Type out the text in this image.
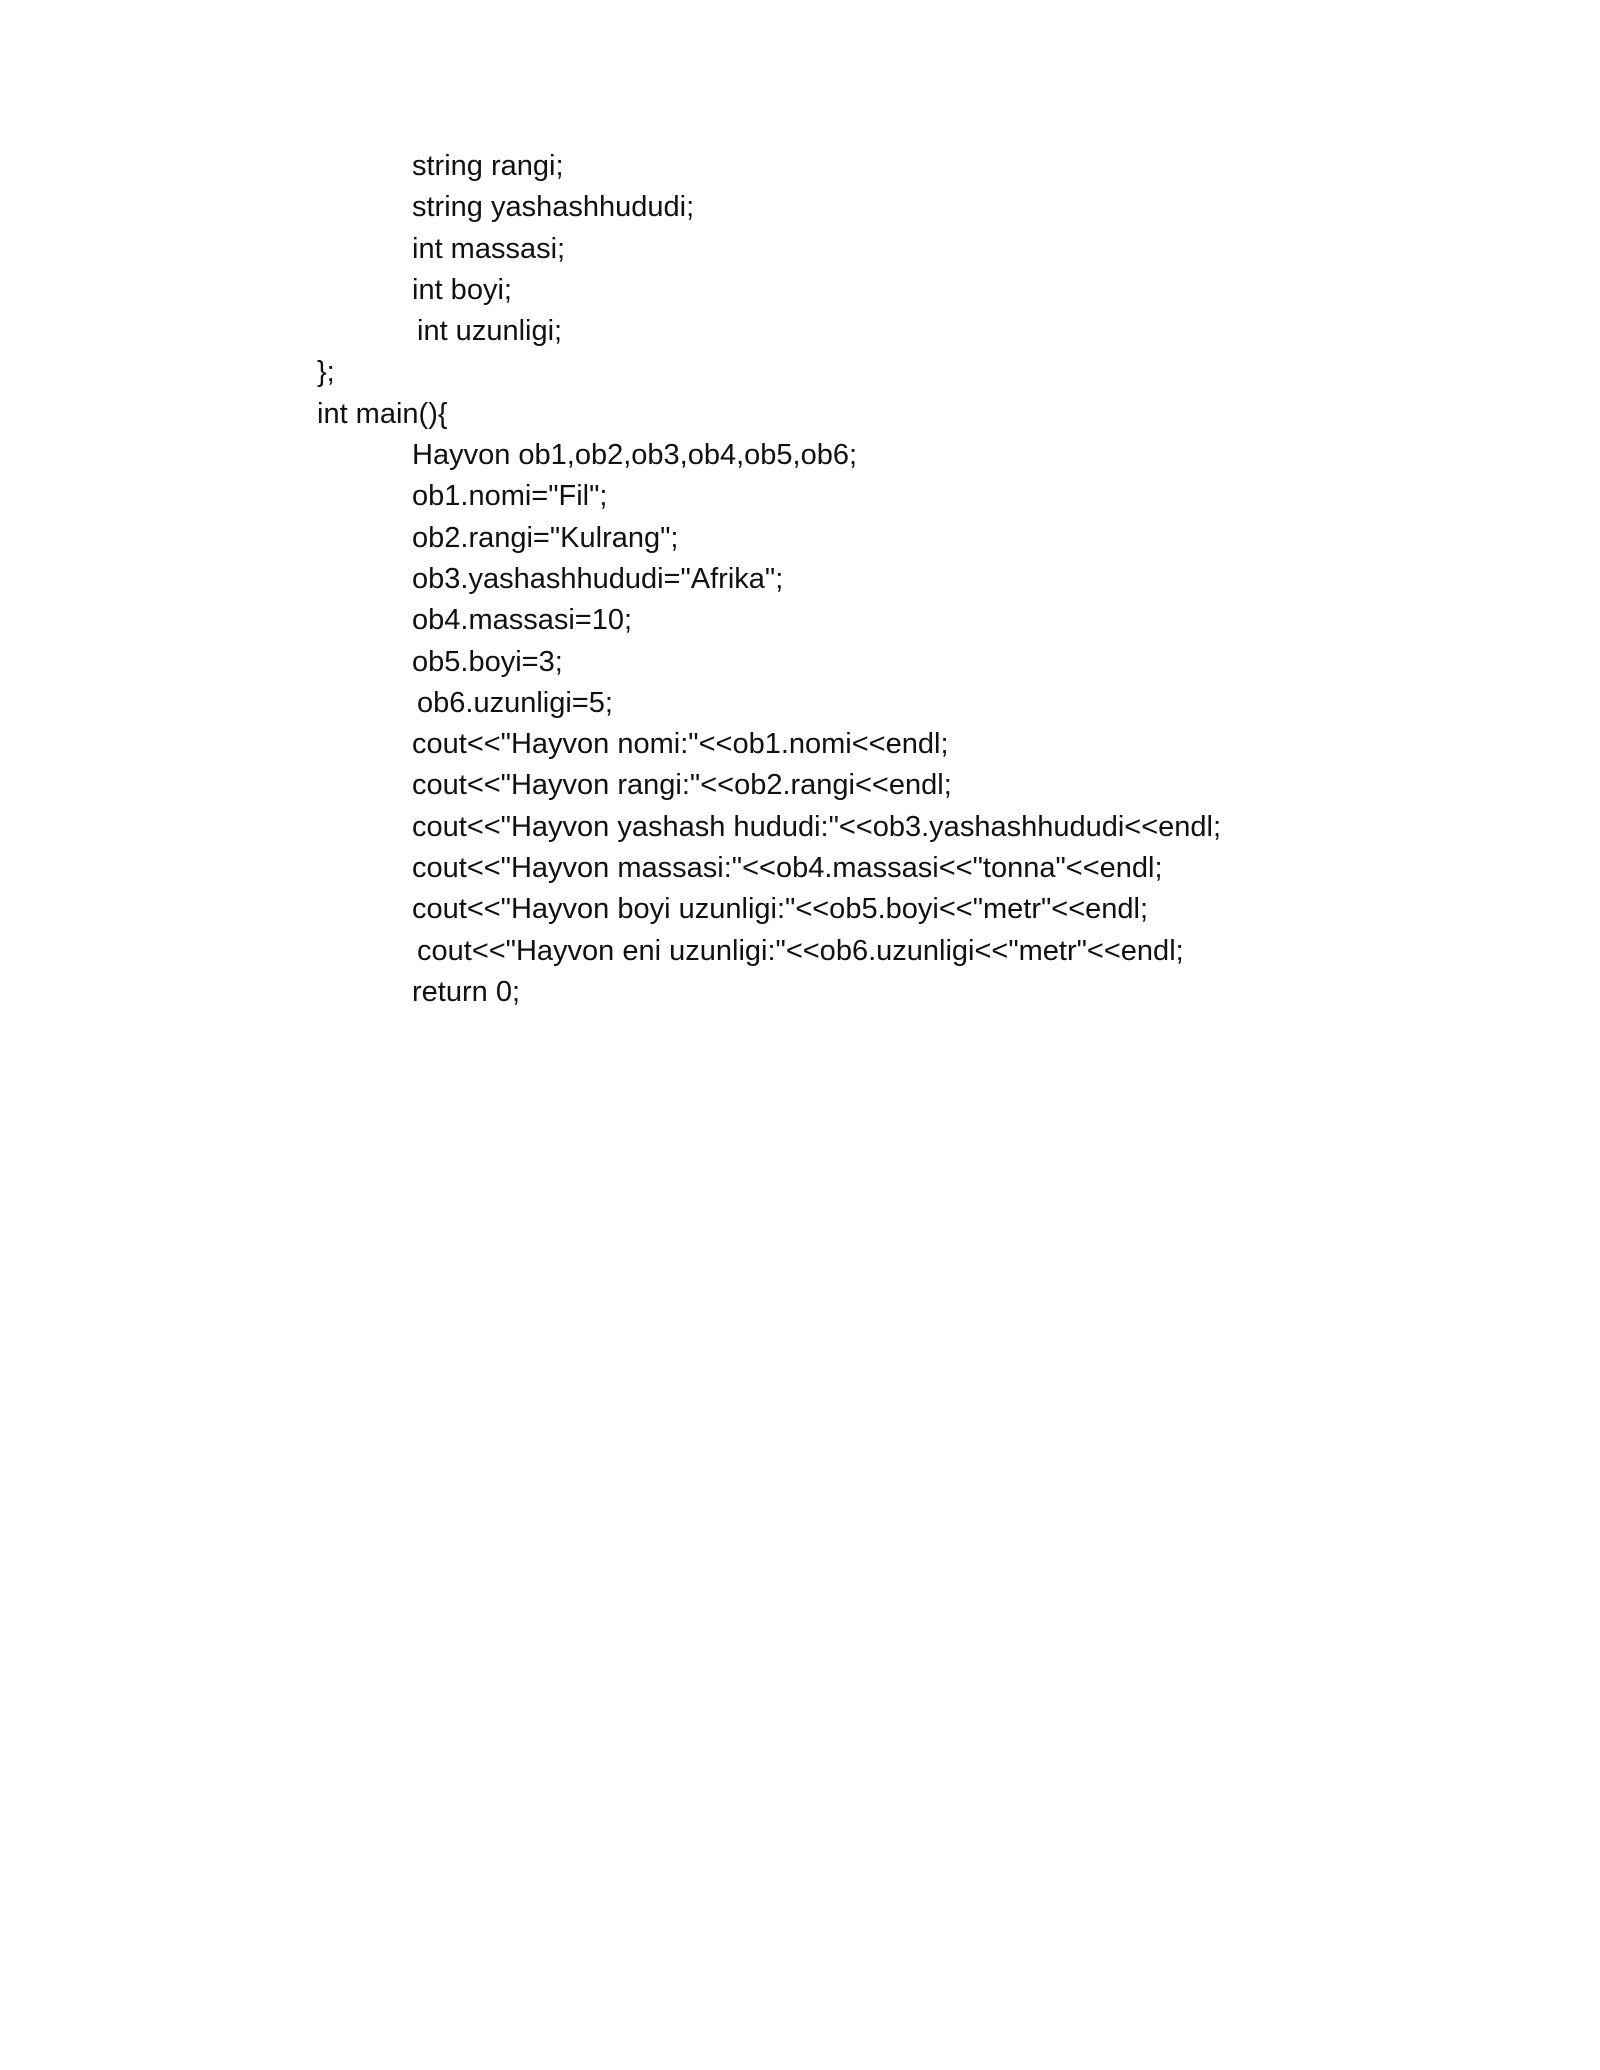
string rangi;
string yashashhududi;
int massasi;
int boyi;
int uzunligi;
};
int main(){
Hayvon ob1,ob2,ob3,ob4,ob5,ob6;
ob1.nomi="Fil";
ob2.rangi="Kulrang";
ob3.yashashhududi="Afrika";
ob4.massasi=10;
ob5.boyi=3;
ob6.uzunligi=5;
cout<<"Hayvon nomi:"<<ob1.nomi<<endl;
cout<<"Hayvon rangi:"<<ob2.rangi<<endl;
cout<<"Hayvon yashash hududi:"<<ob3.yashashhududi<<endl;
cout<<"Hayvon massasi:"<<ob4.massasi<<"tonna"<<endl;
cout<<"Hayvon boyi uzunligi:"<<ob5.boyi<<"metr"<<endl;
cout<<"Hayvon eni uzunligi:"<<ob6.uzunligi<<"metr"<<endl;
return 0;
